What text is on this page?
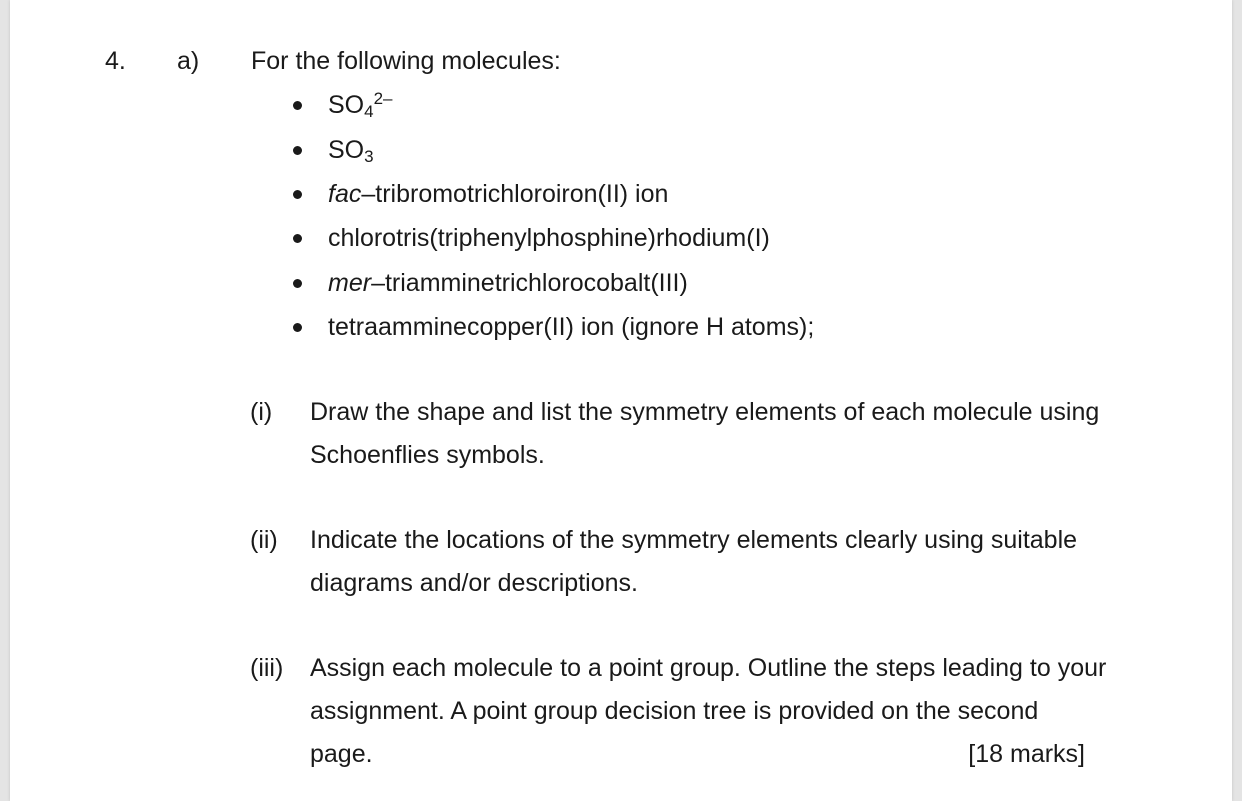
4. a) For the following molecules:
$SO_4^{2-}$
$SO_3$
fac–tribromotrichloroiron(II) ion
chlorotris(triphenylphosphine)rhodium(I)
mer–triamminetrichlorocobalt(III)
tetraamminecopper(II) ion (ignore H atoms);
(i) Draw the shape and list the symmetry elements of each molecule using
Schoenflies symbols.
(ii) Indicate the locations of the symmetry elements clearly using suitable
diagrams and/or descriptions.
(iii) Assign each molecule to a point group. Outline the steps leading to your
assignment. A point group decision tree is provided on the second
page.	[18 marks]
